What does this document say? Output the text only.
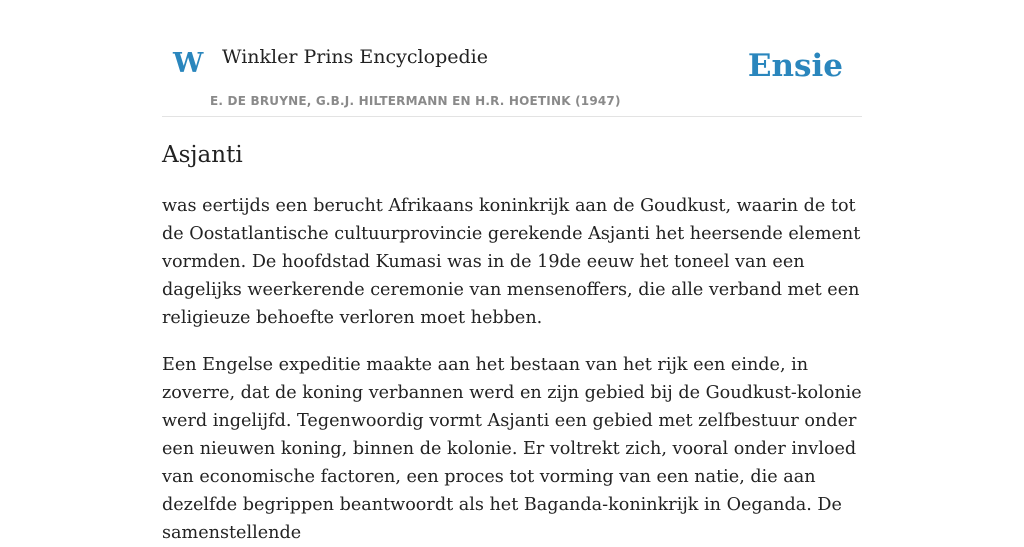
W Winkler Prins Encyclopedie
E. DE BRUYNE, G.B.J. HILTERMANN EN H.R. HOETINK (1947)
Ensie
Asjanti

was eertijds een berucht Afrikaans koninkrijk aan de Goudkust, waarin de tot de Oostatlantische cultuurprovincie gerekende Asjanti het heersende element vormden. De hoofdstad Kumasi was in de 19de eeuw het toneel van een dagelijks weerkerende ceremonie van mensenoffers, die alle verband met een religieuze behoefte verloren moet hebben.

Een Engelse expeditie maakte aan het bestaan van het rijk een einde, in zoverre, dat de koning verbannen werd en zijn gebied bij de Goudkust-kolonie werd ingelijfd. Tegenwoordig vormt Asjanti een gebied met zelfbestuur onder een nieuwen koning, binnen de kolonie. Er voltrekt zich, vooral onder invloed van economische factoren, een proces tot vorming van een natie, die aan dezelfde begrippen beantwoordt als het Baganda-koninkrijk in Oeganda. De samenstellende
